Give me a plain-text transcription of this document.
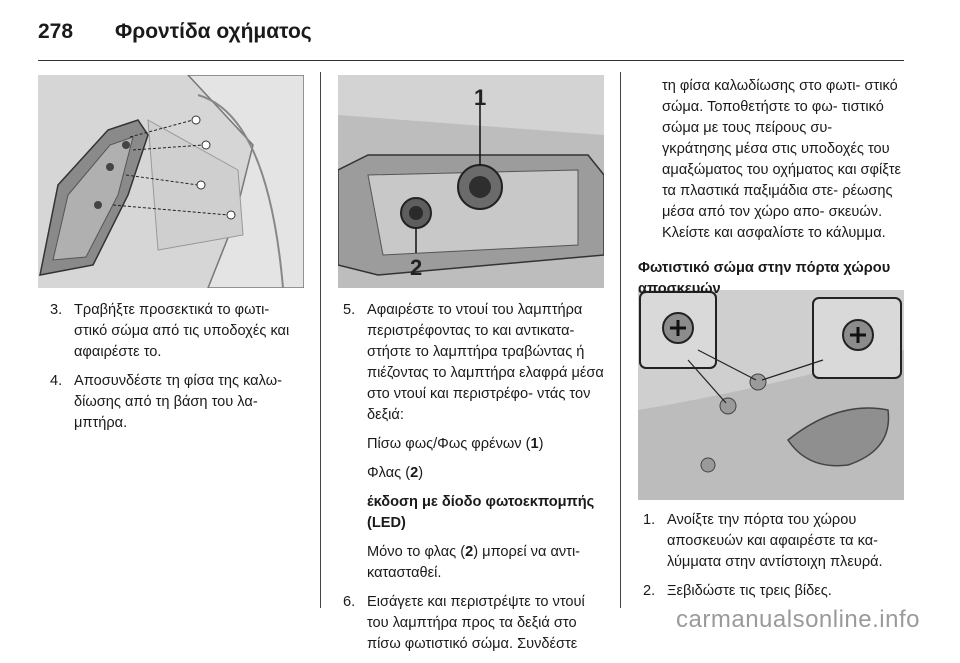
278 Φροντίδα οχήματος
1
2
3. Τραβήξτε προσεκτικά το φωτι- στικό σώμα από τις υποδοχές και αφαιρέστε το.
4. Αποσυνδέστε τη φίσα της καλω- δίωσης από τη βάση του λα- μπτήρα.
5. Αφαιρέστε το ντουί του λαμπτήρα περιστρέφοντας το και αντικατα- στήστε το λαμπτήρα τραβώντας ή πιέζοντας το λαμπτήρα ελαφρά μέσα στο ντουί και περιστρέφο- ντάς τον δεξιά:
Πίσω φως/Φως φρένων (1)
Φλας (2)
έκδοση με δίοδο φωτοεκπομπής (LED)
Μόνο το φλας (2) μπορεί να αντι- κατασταθεί.
6. Εισάγετε και περιστρέψτε το ντουί του λαμπτήρα προς τα δεξιά στο πίσω φωτιστικό σώμα. Συνδέστε
τη φίσα καλωδίωσης στο φωτι- στικό σώμα. Τοποθετήστε το φω- τιστικό σώμα με τους πείρους συ- γκράτησης μέσα στις υποδοχές του αμαξώματος του οχήματος και σφίξτε τα πλαστικά παξιμάδια στε- ρέωσης μέσα από τον χώρο απο- σκευών. Κλείστε και ασφαλίστε το κάλυμμα.
Φωτιστικό σώμα στην πόρτα χώρου αποσκευών
1. Ανοίξτε την πόρτα του χώρου αποσκευών και αφαιρέστε τα κα- λύμματα στην αντίστοιχη πλευρά.
2. Ξεβιδώστε τις τρεις βίδες.
carmanualsonline.info
